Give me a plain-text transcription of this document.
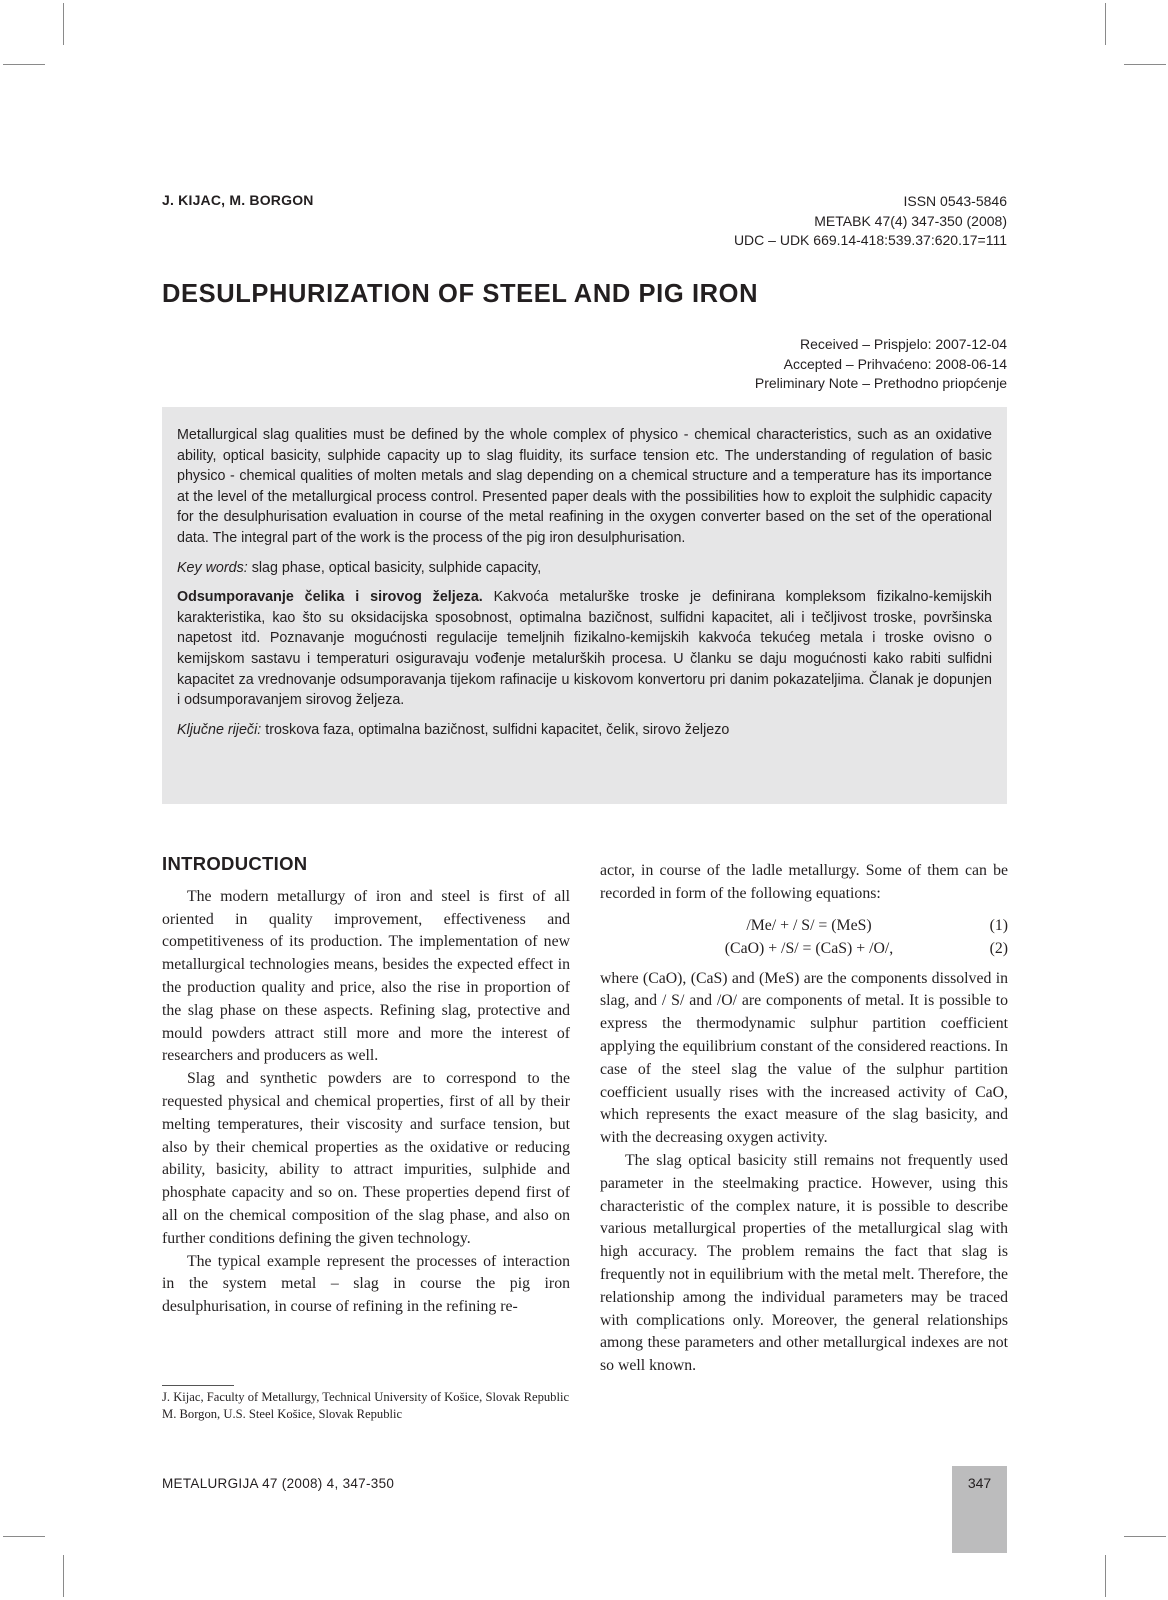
J. KIJAC, M. BORGON	ISSN 0543-5846
METABK 47(4) 347-350 (2008)
UDC – UDK 669.14-418:539.37:620.17=111
DESULPHURIZATION OF STEEL AND PIG IRON
Received – Prispjelo: 2007-12-04
Accepted – Prihvaćeno: 2008-06-14
Preliminary Note – Prethodno priopćenje

Metallurgical slag qualities must be defined by the whole complex of physico - chemical characteristics, such as an oxidative ability, optical basicity, sulphide capacity up to slag fluidity, its surface tension etc. The understanding of regulation of basic physico - chemical qualities of molten metals and slag depending on a chemical structure and a temperature has its importance at the level of the metallurgical process control. Presented paper deals with the possibilities how to exploit the sulphidic capacity for the desulphurisation evaluation in course of the metal reafining in the oxygen converter based on the set of the operational data. The integral part of the work is the process of the pig iron desulphurisation.

Key words: slag phase, optical basicity, sulphide capacity,

Odsumporavanje čelika i sirovog željeza. Kakvoća metalurške troske je definirana kompleksom fizikalno-kemijskih karakteristika, kao što su oksidacijska sposobnost, optimalna bazičnost, sulfidni kapacitet, ali i tečljivost troske, površinska napetost itd. Poznavanje mogućnosti regulacije temeljnih fizikalno-kemijskih kakvoća tekućeg metala i troske ovisno o kemijskom sastavu i temperaturi osiguravaju vođenje metalurških procesa. U članku se daju mogućnosti kako rabiti sulfidni kapacitet za vrednovanje odsumporavanja tijekom rafinacije u kiskovom konvertoru pri danim pokazateljima. Članak je dopunjen i odsumporavanjem sirovog željeza.

Ključne riječi: troskova faza, optimalna bazičnost, sulfidni kapacitet, čelik, sirovo željezo

INTRODUCTION

The modern metallurgy of iron and steel is first of all oriented in quality improvement, effectiveness and competitiveness of its production. The implementation of new metallurgical technologies means, besides the expected effect in the production quality and price, also the rise in proportion of the slag phase on these aspects. Refining slag, protective and mould powders attract still more and more the interest of researchers and producers as well.

Slag and synthetic powders are to correspond to the requested physical and chemical properties, first of all by their melting temperatures, their viscosity and surface tension, but also by their chemical properties as the oxidative or reducing ability, basicity, ability to attract impurities, sulphide and phosphate capacity and so on. These properties depend first of all on the chemical composition of the slag phase, and also on further conditions defining the given technology.

The typical example represent the processes of interaction in the system metal – slag in course the pig iron desulphurisation, in course of refining in the refining re-

actor, in course of the ladle metallurgy. Some of them can be recorded in form of the following equations:

/Me/ + / S/ = (MeS)	(1)
(CaO) + /S/ = (CaS) + /O/,	(2)

where (CaO), (CaS) and (MeS) are the components dissolved in slag, and / S/ and /O/ are components of metal. It is possible to express the thermodynamic sulphur partition coefficient applying the equilibrium constant of the considered reactions. In case of the steel slag the value of the sulphur partition coefficient usually rises with the increased activity of CaO, which represents the exact measure of the slag basicity, and with the decreasing oxygen activity.

The slag optical basicity still remains not frequently used parameter in the steelmaking practice. However, using this characteristic of the complex nature, it is possible to describe various metallurgical properties of the metallurgical slag with high accuracy. The problem remains the fact that slag is frequently not in equilibrium with the metal melt. Therefore, the relationship among the individual parameters may be traced with complications only. Moreover, the general relationships among these parameters and other metallurgical indexes are not so well known.

J. Kijac, Faculty of Metallurgy, Technical University of Košice, Slovak Republic
M. Borgon, U.S. Steel Košice, Slovak Republic
METALURGIJA 47 (2008) 4, 347-350	347
